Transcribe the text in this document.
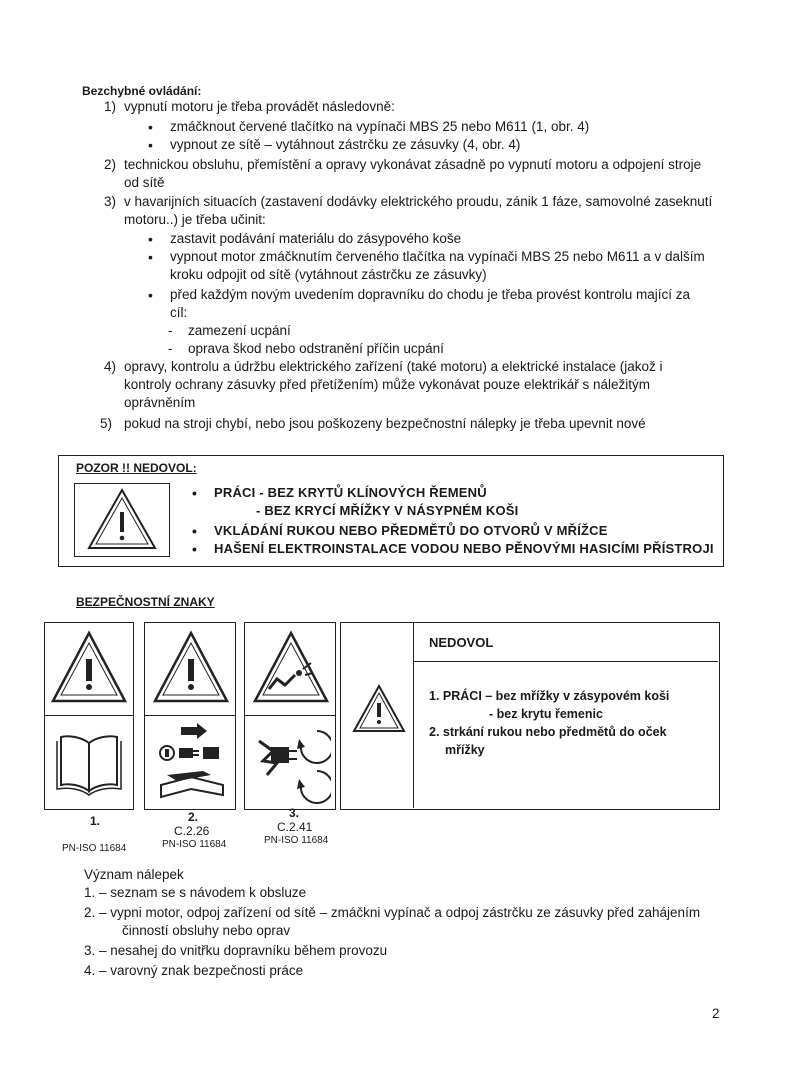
Bezchybné ovládání:
1) vypnutí motoru je třeba provádět následovně:
• zmáčknout červené tlačítko na vypínači MBS 25 nebo M611 (1, obr. 4)
• vypnout ze sítě – vytáhnout zástrčku ze zásuvky (4, obr. 4)
2) technickou obsluhu, přemístění a opravy vykonávat zásadně po vypnutí motoru a odpojení stroje
od sítě
3) v havarijních situacích (zastavení dodávky elektrického proudu, zánik 1 fáze, samovolné zaseknutí
motoru..) je třeba učinit:
• zastavit podávání materiálu do zásypového koše
• vypnout motor zmáčknutím červeného tlačítka na vypínači MBS 25 nebo M611 a v dalším
kroku odpojit od sítě (vytáhnout zástrčku ze zásuvky)
• před každým novým uvedením dopravníku do chodu je třeba provést kontrolu mající za
cíl:
- zamezení ucpání
- oprava škod nebo odstranění příčin ucpání
4) opravy, kontrolu a údržbu elektrického zařízení (také motoru) a elektrické instalace (jakož i
kontroly ochrany zásuvky před přetížením) může vykonávat pouze elektrikář s náležitým
oprávněním
5) pokud na stroji chybí, nebo jsou poškozeny bezpečnostní nálepky je třeba upevnit nové
POZOR !! NEDOVOL:
• PRÁCI - BEZ KRYTŮ KLÍNOVÝCH ŘEMENŮ
- BEZ KRYCÍ MŘÍŽKY V NÁSYPNÉM KOŠI
• VKLÁDÁNÍ RUKOU NEBO PŘEDMĚTŮ DO OTVORŮ V MŘÍŽCE
• HAŠENÍ ELEKTROINSTALACE VODOU NEBO PĚNOVÝMI HASICÍMI PŘÍSTROJI
BEZPEČNOSTNÍ ZNAKY
NEDOVOL
1. PRÁCI – bez mřížky v zásypovém koši
- bez krytu řemenic
2. strkání rukou nebo předmětů do oček
mřížky
1.
PN-ISO 11684
2.
C.2.26
PN-ISO 11684
3.
C.2.41
PN-ISO 11684
Význam nálepek
1. – seznam se s návodem k obsluze
2. – vypni motor, odpoj zařízení od sítě – zmáčkni vypínač a odpoj zástrčku ze zásuvky před zahájením
činností obsluhy nebo oprav
3. – nesahej do vnitřku dopravníku během provozu
4. – varovný znak bezpečnosti práce
2
